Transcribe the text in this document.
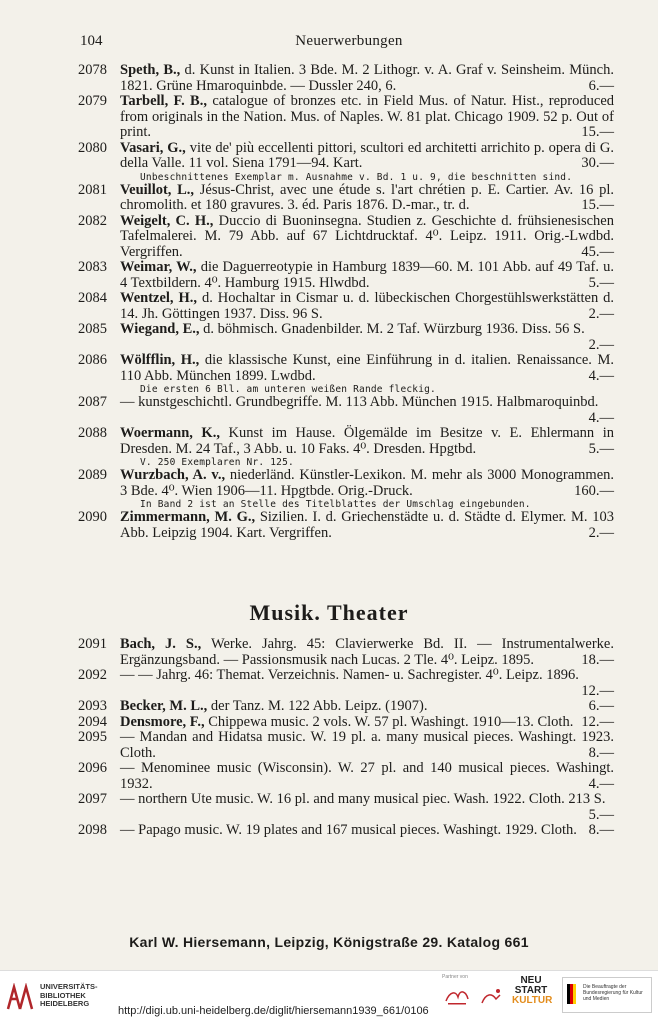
104	Neuerwerbungen
2078 Speth, B., d. Kunst in Italien. 3 Bde. M. 2 Lithogr. v. A. Graf v. Seinsheim. Münch. 1821. Grüne Hmaroquinbde. — Dussler 240, 6.	6.—
2079 Tarbell, F. B., catalogue of bronzes etc. in Field Mus. of Natur. Hist., reproduced from originals in the Nation. Mus. of Naples. W. 81 plat. Chicago 1909. 52 p. Out of print.	15.—
2080 Vasari, G., vite de' più eccellenti pittori, scultori ed architetti arrichito p. opera di G. della Valle. 11 vol. Siena 1791—94. Kart.	30.—
Unbeschnittenes Exemplar m. Ausnahme v. Bd. 1 u. 9, die beschnitten sind.
2081 Veuillot, L., Jésus-Christ, avec une étude s. l'art chrétien p. E. Cartier. Av. 16 pl. chromolith. et 180 gravures. 3. éd. Paris 1876. D.-mar., tr. d.	15.—
2082 Weigelt, C. H., Duccio di Buoninsegna. Studien z. Geschichte d. frühsienesischen Tafelmalerei. M. 79 Abb. auf 67 Lichtdrucktaf. 4⁰. Leipz. 1911. Orig.-Lwdbd. Vergriffen.	45.—
2083 Weimar, W., die Daguerreotypie in Hamburg 1839—60. M. 101 Abb. auf 49 Taf. u. 4 Textbildern. 4⁰. Hamburg 1915. Hlwdbd.	5.—
2084 Wentzel, H., d. Hochaltar in Cismar u. d. lübeckischen Chorgestühlswerkstätten d. 14. Jh. Göttingen 1937. Diss. 96 S.	2.—
2085 Wiegand, E., d. böhmisch. Gnadenbilder. M. 2 Taf. Würzburg 1936. Diss. 56 S.
2.—
2086 Wölfflin, H., die klassische Kunst, eine Einführung in d. italien. Renaissance. M. 110 Abb. München 1899. Lwdbd.	4.—
Die ersten 6 Bll. am unteren weißen Rande fleckig.
2087 — kunstgeschichtl. Grundbegriffe. M. 113 Abb. München 1915. Halbmaroquinbd.
4.—
2088 Woermann, K., Kunst im Hause. Ölgemälde im Besitze v. E. Ehlermann in Dresden. M. 24 Taf., 3 Abb. u. 10 Faks. 4⁰. Dresden. Hpgtbd.	5.—
V. 250 Exemplaren Nr. 125.
2089 Wurzbach, A. v., niederländ. Künstler-Lexikon. M. mehr als 3000 Monogrammen. 3 Bde. 4⁰. Wien 1906—11. Hpgtbde. Orig.-Druck.	160.—
In Band 2 ist an Stelle des Titelblattes der Umschlag eingebunden.
2090 Zimmermann, M. G., Sizilien. I. d. Griechenstädte u. d. Städte d. Elymer. M. 103 Abb. Leipzig 1904. Kart. Vergriffen.	2.—
Musik. Theater
2091 Bach, J. S., Werke. Jahrg. 45: Clavierwerke Bd. II. — Instrumentalwerke. Ergänzungsband. — Passionsmusik nach Lucas. 2 Tle. 4⁰. Leipz. 1895.	18.—
2092 — — Jahrg. 46: Themat. Verzeichnis. Namen- u. Sachregister. 4⁰. Leipz. 1896.
12.—
2093 Becker, M. L., der Tanz. M. 122 Abb. Leipz. (1907).	6.—
2094 Densmore, F., Chippewa music. 2 vols. W. 57 pl. Washingt. 1910—13. Cloth. 12.—
2095 — Mandan and Hidatsa music. W. 19 pl. a. many musical pieces. Washingt. 1923. Cloth.	8.—
2096 — Menominee music (Wisconsin). W. 27 pl. and 140 musical pieces. Washingt. 1932.	4.—
2097 — northern Ute music. W. 16 pl. and many musical piec. Wash. 1922. Cloth. 213 S.
5.—
2098 — Papago music. W. 19 plates and 167 musical pieces. Washingt. 1929. Cloth. 8.—
Karl W. Hiersemann, Leipzig, Königstraße 29. Katalog 661
UNIVERSITÄTS-
BIBLIOTHEK
HEIDELBERG
http://digi.ub.uni-heidelberg.de/diglit/hiersemann1939_661/0106
Partner von	NEU
START
KULTUR
Die Beauftragte der Bundesregierung für Kultur und Medien
